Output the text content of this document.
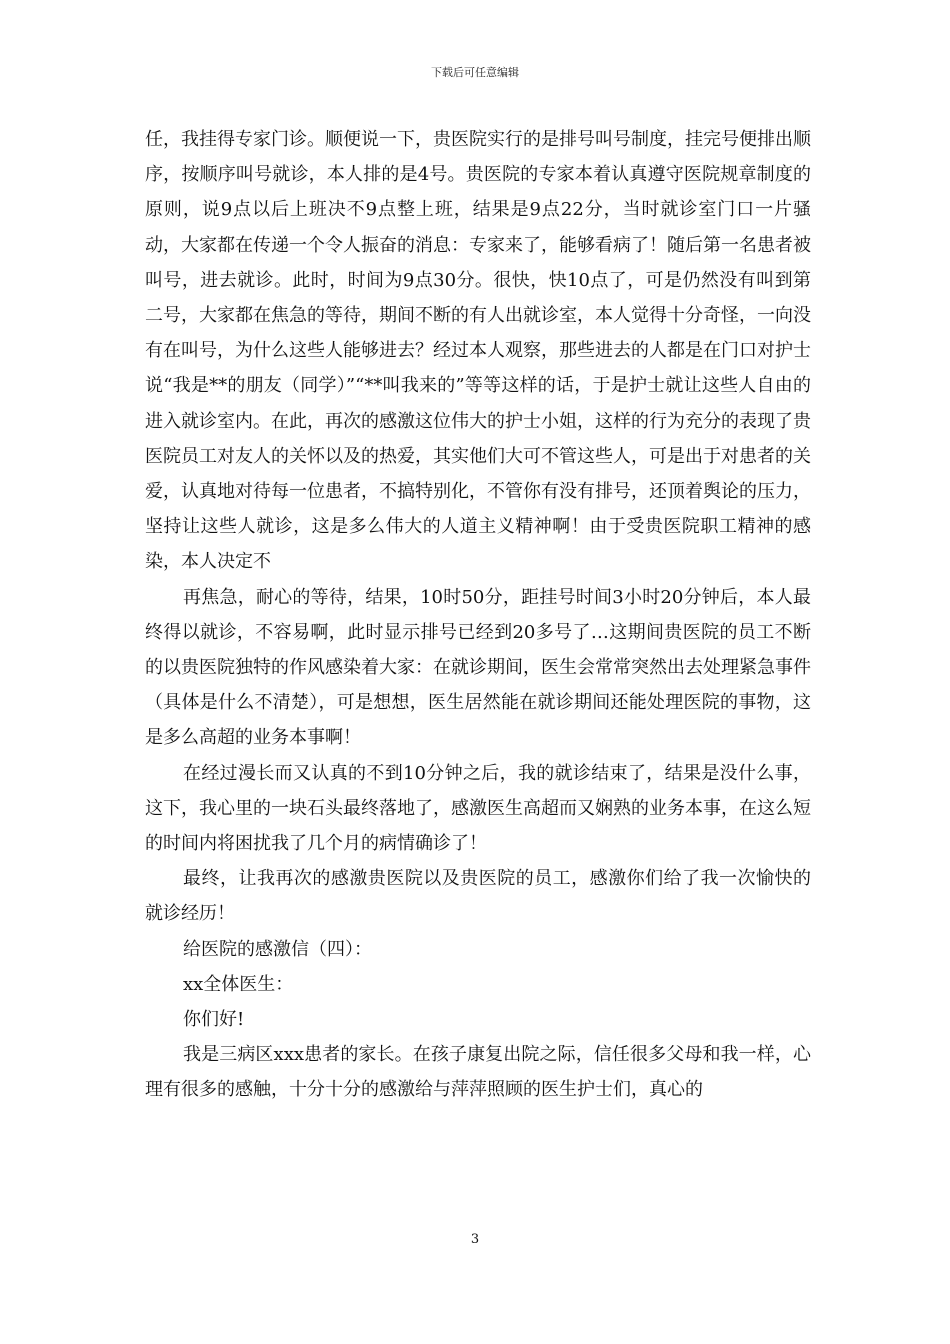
下载后可任意编辑

任，我挂得专家门诊。顺便说一下，贵医院实行的是排号叫号制度，挂完号便排出顺序，按顺序叫号就诊，本人排的是4号。贵医院的专家本着认真遵守医院规章制度的原则，说9点以后上班决不9点整上班，结果是9点22分，当时就诊室门口一片骚动，大家都在传递一个令人振奋的消息：专家来了，能够看病了！随后第一名患者被叫号，进去就诊。此时，时间为9点30分。很快，快10点了，可是仍然没有叫到第二号，大家都在焦急的等待，期间不断的有人出就诊室，本人觉得十分奇怪，一向没有在叫号，为什么这些人能够进去？经过本人观察，那些进去的人都是在门口对护士说“我是**的朋友（同学）”“**叫我来的”等等这样的话，于是护士就让这些人自由的进入就诊室内。在此，再次的感激这位伟大的护士小姐，这样的行为充分的表现了贵医院员工对友人的关怀以及的热爱，其实他们大可不管这些人，可是出于对患者的关爱，认真地对待每一位患者，不搞特别化，不管你有没有排号，还顶着舆论的压力，坚持让这些人就诊，这是多么伟大的人道主义精神啊！由于受贵医院职工精神的感染，本人决定不

再焦急，耐心的等待，结果，10时50分，距挂号时间3小时20分钟后，本人最终得以就诊，不容易啊，此时显示排号已经到20多号了…这期间贵医院的员工不断的以贵医院独特的作风感染着大家：在就诊期间，医生会常常突然出去处理紧急事件（具体是什么不清楚），可是想想，医生居然能在就诊期间还能处理医院的事物，这是多么高超的业务本事啊！

在经过漫长而又认真的不到10分钟之后，我的就诊结束了，结果是没什么事，这下，我心里的一块石头最终落地了，感激医生高超而又娴熟的业务本事，在这么短的时间内将困扰我了几个月的病情确诊了！

最终，让我再次的感激贵医院以及贵医院的员工，感激你们给了我一次愉快的就诊经历！

给医院的感激信（四）：

xx全体医生：

你们好!

我是三病区xxx患者的家长。在孩子康复出院之际，信任很多父母和我一样，心理有很多的感触，十分十分的感激给与萍萍照顾的医生护士们，真心的

3
